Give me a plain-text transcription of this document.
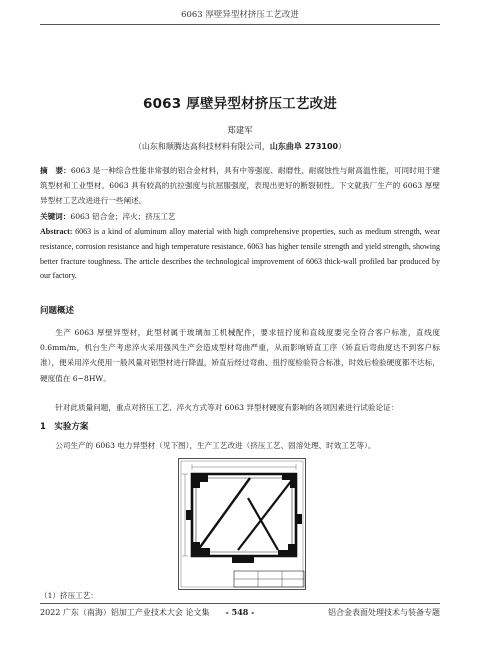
6063 厚壁异型材挤压工艺改进
6063 厚壁异型材挤压工艺改进
郑建军
（山东和顺腾达高科技材料有限公司，山东曲阜 273100）
摘　要：6063 是一种综合性能非常强的铝合金材料，具有中等强度、耐磨性、耐腐蚀性与耐高温性能，可同时用于建筑型材和工业型材。6063 具有较高的抗拉强度与抗屈服强度，表现出更好的断裂韧性。下文就我厂生产的 6063 厚壁异型材工艺改进进行一些阐述。
关键词：6063 铝合金；淬火；挤压工艺
Abstract: 6063 is a kind of aluminum alloy material with high comprehensive properties, such as medium strength, wear resistance, corrosion resistance and high temperature resistance. 6063 has higher tensile strength and yield strength, showing better fracture toughness. The article describes the technological improvement of 6063 thick-wall profiled bar produced by our factory.
问题概述
生产 6063 厚壁异型材，此型材属于玻璃加工机械配件，要求扭拧度和直线度要完全符合客户标准，直线度 0.6mm/m，机台生产考虑淬火采用强风生产会造成型材弯曲严重，从而影响矫直工序（矫直后弯曲度达不到客户标准），便采用淬火使用一般风量对铝型材进行降温，矫直后经过弯曲、扭拧度检验符合标准，时效后检验硬度都不达标，硬度值在 6~8HW。
针对此质量问题，重点对挤压工艺、淬火方式等对 6063 异型材硬度有影响的各项因素进行试验论证：
1　实验方案
公司生产的 6063 电力异型材（见下图），生产工艺改进（挤压工艺、固溶处理、时效工艺等）。
（1）挤压工艺：
2022 广东（南海）铝加工产业技术大会 论文集	- 548 -	铝合金表面处理技术与装备专题
